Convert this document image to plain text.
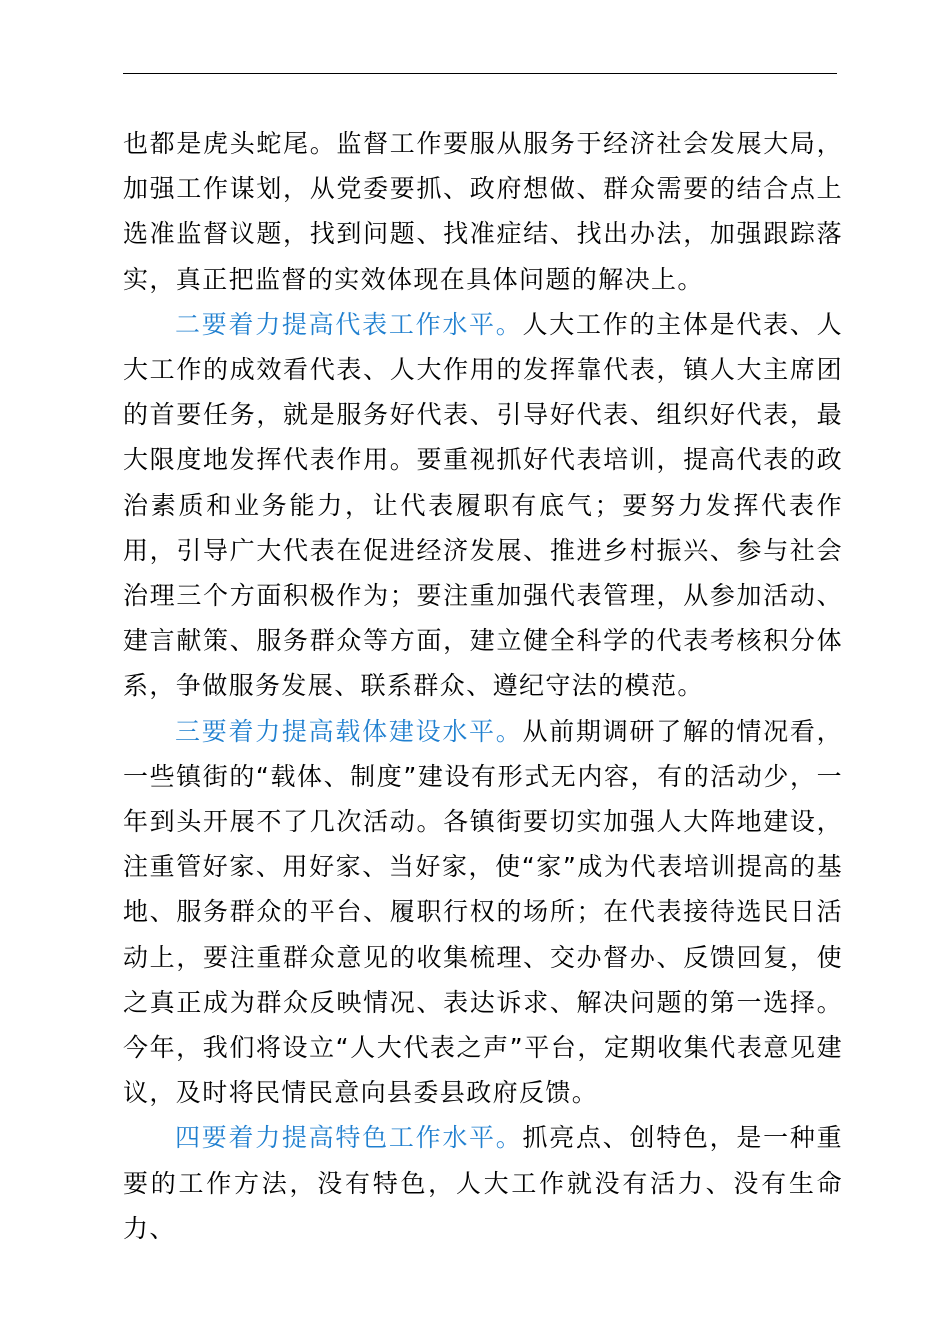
也都是虎头蛇尾。监督工作要服从服务于经济社会发展大局，加强工作谋划，从党委要抓、政府想做、群众需要的结合点上选准监督议题，找到问题、找准症结、找出办法，加强跟踪落实，真正把监督的实效体现在具体问题的解决上。

二要着力提高代表工作水平。人大工作的主体是代表、人大工作的成效看代表、人大作用的发挥靠代表，镇人大主席团的首要任务，就是服务好代表、引导好代表、组织好代表，最大限度地发挥代表作用。要重视抓好代表培训，提高代表的政治素质和业务能力，让代表履职有底气；要努力发挥代表作用，引导广大代表在促进经济发展、推进乡村振兴、参与社会治理三个方面积极作为；要注重加强代表管理，从参加活动、建言献策、服务群众等方面，建立健全科学的代表考核积分体系，争做服务发展、联系群众、遵纪守法的模范。

三要着力提高载体建设水平。从前期调研了解的情况看，一些镇街的“载体、制度”建设有形式无内容，有的活动少，一年到头开展不了几次活动。各镇街要切实加强人大阵地建设，注重管好家、用好家、当好家，使“家”成为代表培训提高的基地、服务群众的平台、履职行权的场所；在代表接待选民日活动上，要注重群众意见的收集梳理、交办督办、反馈回复，使之真正成为群众反映情况、表达诉求、解决问题的第一选择。今年，我们将设立“人大代表之声”平台，定期收集代表意见建议，及时将民情民意向县委县政府反馈。

四要着力提高特色工作水平。抓亮点、创特色，是一种重要的工作方法，没有特色，人大工作就没有活力、没有生命力、
